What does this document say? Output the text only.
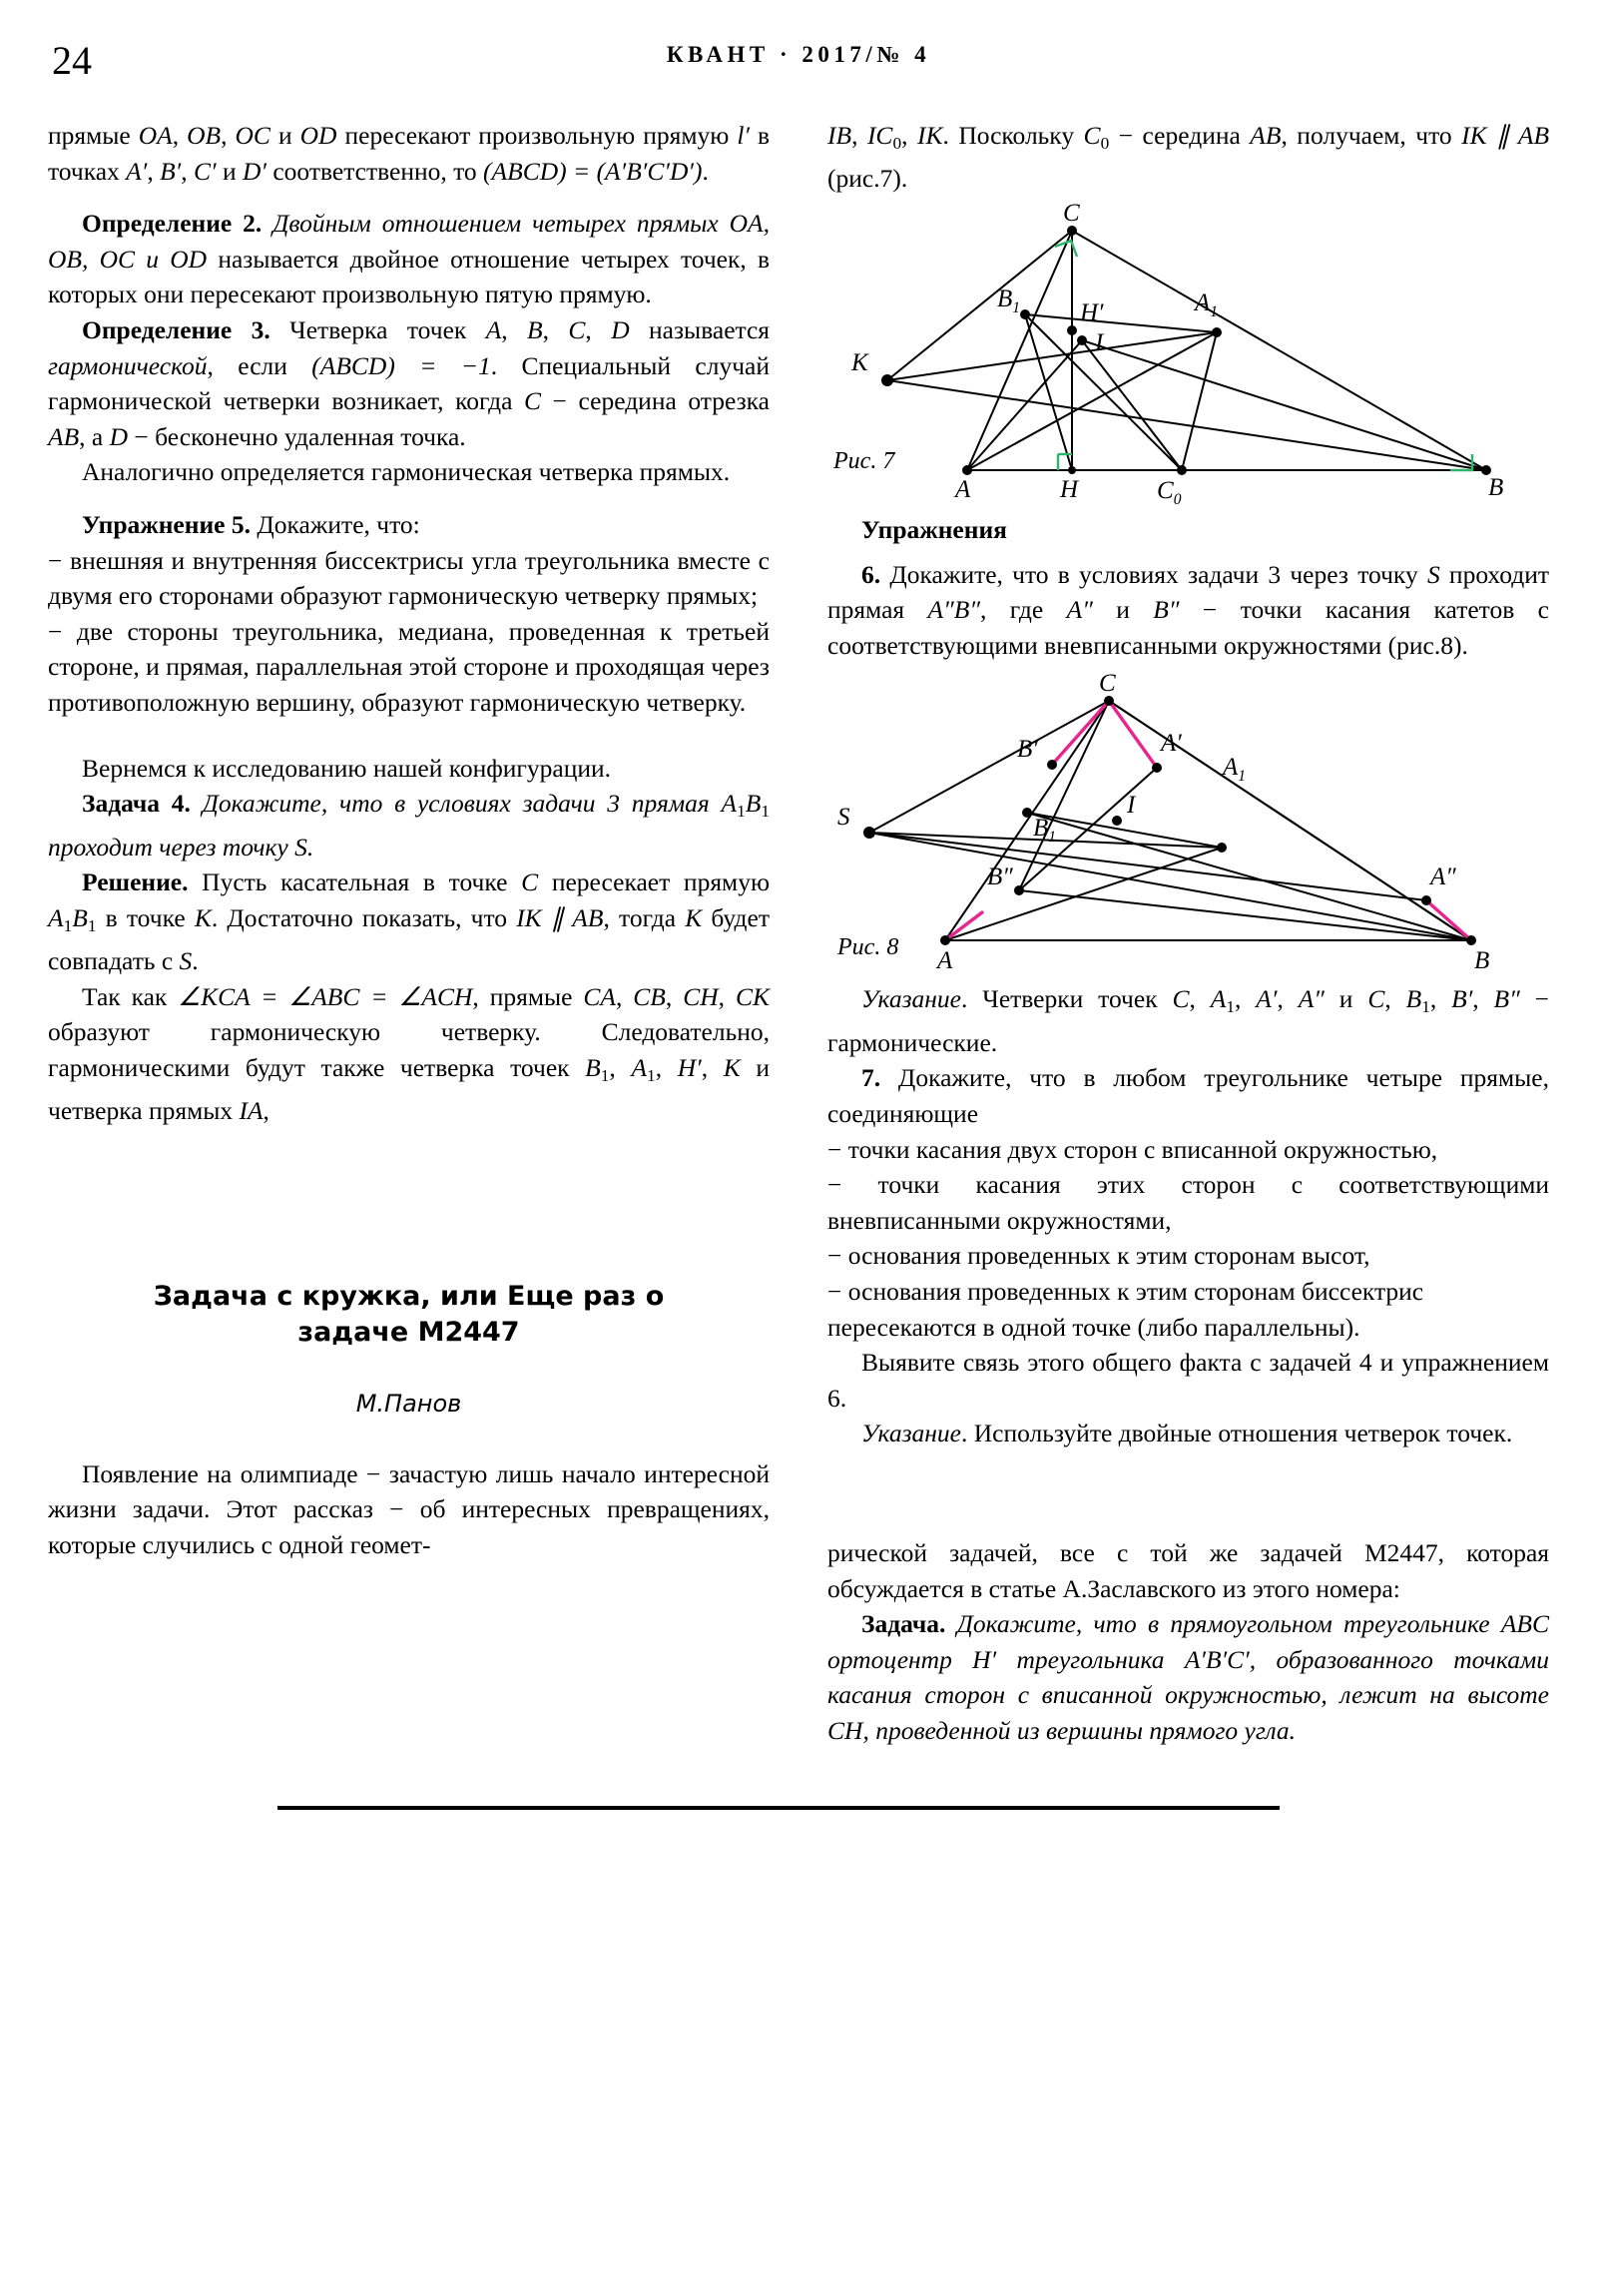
24	КВАНТ · 2017/№ 4

прямые OA, OB, OC и OD пересекают произвольную прямую l′ в точках A′, B′, C′ и D′ соответственно, то (ABCD) = (A′B′C′D′).

Определение 2. Двойным отношением четырех прямых OA, OB, OC и OD называется двойное отношение четырех точек, в которых они пересекают произвольную пятую прямую.

Определение 3. Четверка точек A, B, C, D называется гармонической, если (ABCD) = −1. Специальный случай гармонической четверки возникает, когда C − середина отрезка AB, а D − бесконечно удаленная точка.

Аналогично определяется гармоническая четверка прямых.

Упражнение 5. Докажите, что:

− внешняя и внутренняя биссектрисы угла треугольника вместе с двумя его сторонами образуют гармоническую четверку прямых;

− две стороны треугольника, медиана, проведенная к третьей стороне, и прямая, параллельная этой стороне и проходящая через противоположную вершину, образуют гармоническую четверку.

Вернемся к исследованию нашей конфигурации.

Задача 4. Докажите, что в условиях задачи 3 прямая $A_1B_1$ проходит через точку S.

Решение. Пусть касательная в точке C пересекает прямую $A_1B_1$ в точке K. Достаточно показать, что IK ∥ AB, тогда K будет совпадать с S.

Так как ∠KCA = ∠ABC = ∠ACH, прямые CA, CB, CH, CK образуют гармоническую четверку. Следовательно, гармоническими будут также четверка точек $B_1$, $A_1$, H′, K и четверка прямых IA,

Задача с кружка, или Еще раз о

задаче М2447

М.Панов

Появление на олимпиаде − зачастую лишь начало интересной жизни задачи. Этот рассказ − об интересных превращениях, которые случились с одной геомет-

IB, $IC_0$, IK. Поскольку $C_0$ − середина AB, получаем, что IK ∥ AB (рис.7).

C
$A_1$
$B_1$ H′
I
K
A	H	$C_0$	B
Рис. 7

Упражнения

6. Докажите, что в условиях задачи 3 через точку S проходит прямая A″B″, где A″ и B″ − точки касания катетов с соответствующими вневписанными окружностями (рис.8).

C
A′
$A_1$
B′
I
S	$B_1$
A″
B″
A	B
Рис. 8

Указание. Четверки точек C, $A_1$, A′, A″ и C, $B_1$, B′, B″ − гармонические.

7. Докажите, что в любом треугольнике четыре прямые, соединяющие

− точки касания двух сторон с вписанной окружностью,

− точки касания этих сторон с соответствующими вневписанными окружностями,

− основания проведенных к этим сторонам высот,

− основания проведенных к этим сторонам биссектрис

пересекаются в одной точке (либо параллельны).

Выявите связь этого общего факта с задачей 4 и упражнением 6.

Указание. Используйте двойные отношения четверок точек.

рической задачей, все с той же задачей М2447, которая обсуждается в статье А.Заславского из этого номера:

Задача. Докажите, что в прямоугольном треугольнике ABC ортоцентр H′ треугольника A′B′C′, образованного точками касания сторон с вписанной окружностью, лежит на высоте CH, проведенной из вершины прямого угла.
